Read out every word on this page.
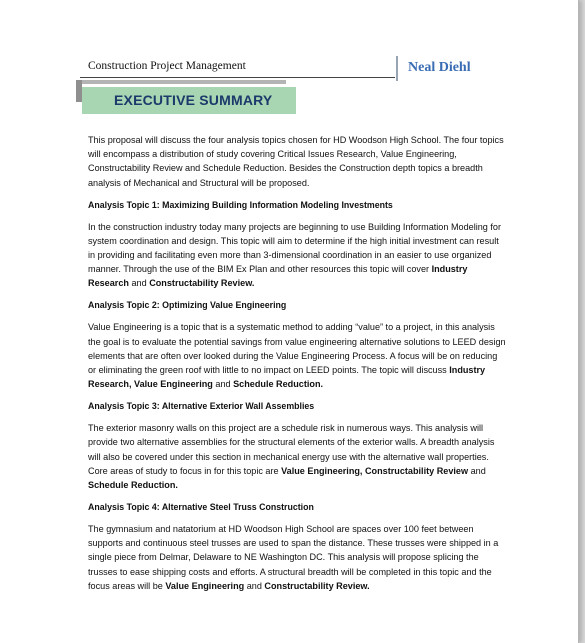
Construction Project Management	Neal Diehl
EXECUTIVE SUMMARY

This proposal will discuss the four analysis topics chosen for HD Woodson High School. The four topics will encompass a distribution of study covering Critical Issues Research, Value Engineering, Constructability Review and Schedule Reduction. Besides the Construction depth topics a breadth analysis of Mechanical and Structural will be proposed.

Analysis Topic 1: Maximizing Building Information Modeling Investments

In the construction industry today many projects are beginning to use Building Information Modeling for system coordination and design. This topic will aim to determine if the high initial investment can result in providing and facilitating even more than 3-dimensional coordination in an easier to use organized manner. Through the use of the BIM Ex Plan and other resources this topic will cover Industry Research and Constructability Review.

Analysis Topic 2: Optimizing Value Engineering

Value Engineering is a topic that is a systematic method to adding “value” to a project, in this analysis the goal is to evaluate the potential savings from value engineering alternative solutions to LEED design elements that are often over looked during the Value Engineering Process. A focus will be on reducing or eliminating the green roof with little to no impact on LEED points. The topic will discuss Industry Research, Value Engineering and Schedule Reduction.

Analysis Topic 3: Alternative Exterior Wall Assemblies

The exterior masonry walls on this project are a schedule risk in numerous ways. This analysis will provide two alternative assemblies for the structural elements of the exterior walls. A breadth analysis will also be covered under this section in mechanical energy use with the alternative wall properties. Core areas of study to focus in for this topic are Value Engineering, Constructability Review and Schedule Reduction.

Analysis Topic 4: Alternative Steel Truss Construction

The gymnasium and natatorium at HD Woodson High School are spaces over 100 feet between supports and continuous steel trusses are used to span the distance. These trusses were shipped in a single piece from Delmar, Delaware to NE Washington DC. This analysis will propose splicing the trusses to ease shipping costs and efforts. A structural breadth will be completed in this topic and the focus areas will be Value Engineering and Constructability Review.
